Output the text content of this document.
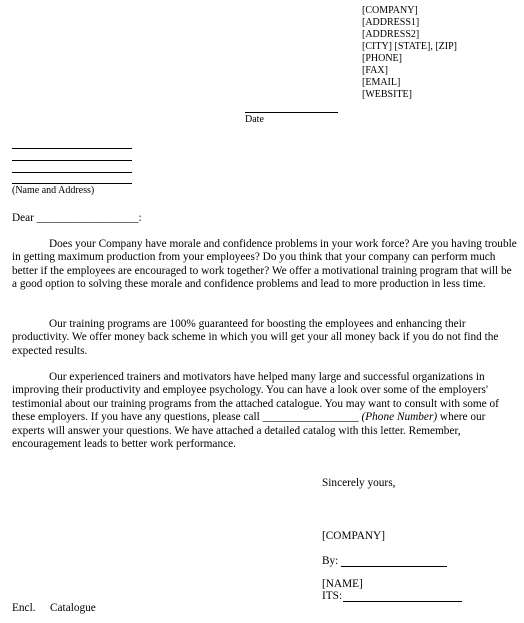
[COMPANY]
[ADDRESS1]
[ADDRESS2]
[CITY] [STATE], [ZIP]
[PHONE]
[FAX]
[EMAIL]
[WEBSITE]
Date
(Name and Address)
Dear __________________:
Does your Company have morale and confidence problems in your work force? Are you having trouble in getting maximum production from your employees? Do you think that your company can perform much better if the employees are encouraged to work together? We offer a motivational training program that will be a good option to solving these morale and confidence problems and lead to more production in less time.
Our training programs are 100% guaranteed for boosting the employees and enhancing their productivity. We offer money back scheme in which you will get your all money back if you do not find the expected results.
Our experienced trainers and motivators have helped many large and successful organizations in improving their productivity and employee psychology. You can have a look over some of the employers' testimonial about our training programs from the attached catalogue. You may want to consult with some of these employers. If you have any questions, please call _________________ (Phone Number) where our experts will answer your questions. We have attached a detailed catalog with this letter. Remember, encouragement leads to better work performance.
Sincerely yours,
[COMPANY]
By:
[NAME]
ITS:
Encl. Catalogue
